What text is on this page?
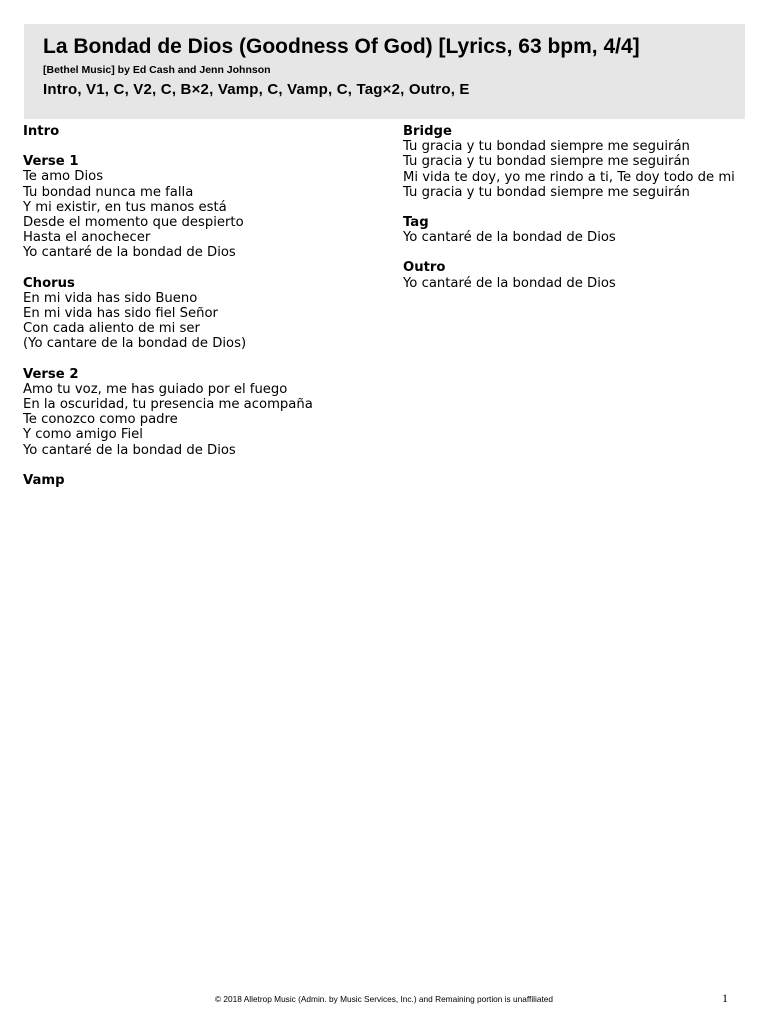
La Bondad de Dios (Goodness Of God) [Lyrics, 63 bpm, 4/4]
[Bethel Music] by Ed Cash and Jenn Johnson
Intro, V1, C, V2, C, B×2, Vamp, C, Vamp, C, Tag×2, Outro, E
Intro
Verse 1
Te amo Dios
Tu bondad nunca me falla
Y mi existir, en tus manos está
Desde el momento que despierto
Hasta el anochecer
Yo cantaré de la bondad de Dios
Chorus
En mi vida has sido Bueno
En mi vida has sido fiel Señor
Con cada aliento de mi ser
(Yo cantare de la bondad de Dios)
Verse 2
Amo tu voz, me has guiado por el fuego
En la oscuridad, tu presencia me acompaña
Te conozco como padre
Y como amigo Fiel
Yo cantaré de la bondad de Dios
Vamp
Bridge
Tu gracia y tu bondad siempre me seguirán
Tu gracia y tu bondad siempre me seguirán
Mi vida te doy, yo me rindo a ti, Te doy todo de mi
Tu gracia y tu bondad siempre me seguirán
Tag
Yo cantaré de la bondad de Dios
Outro
Yo cantaré de la bondad de Dios
© 2018 Alletrop Music (Admin. by Music Services, Inc.) and Remaining portion is unaffiliated	1
